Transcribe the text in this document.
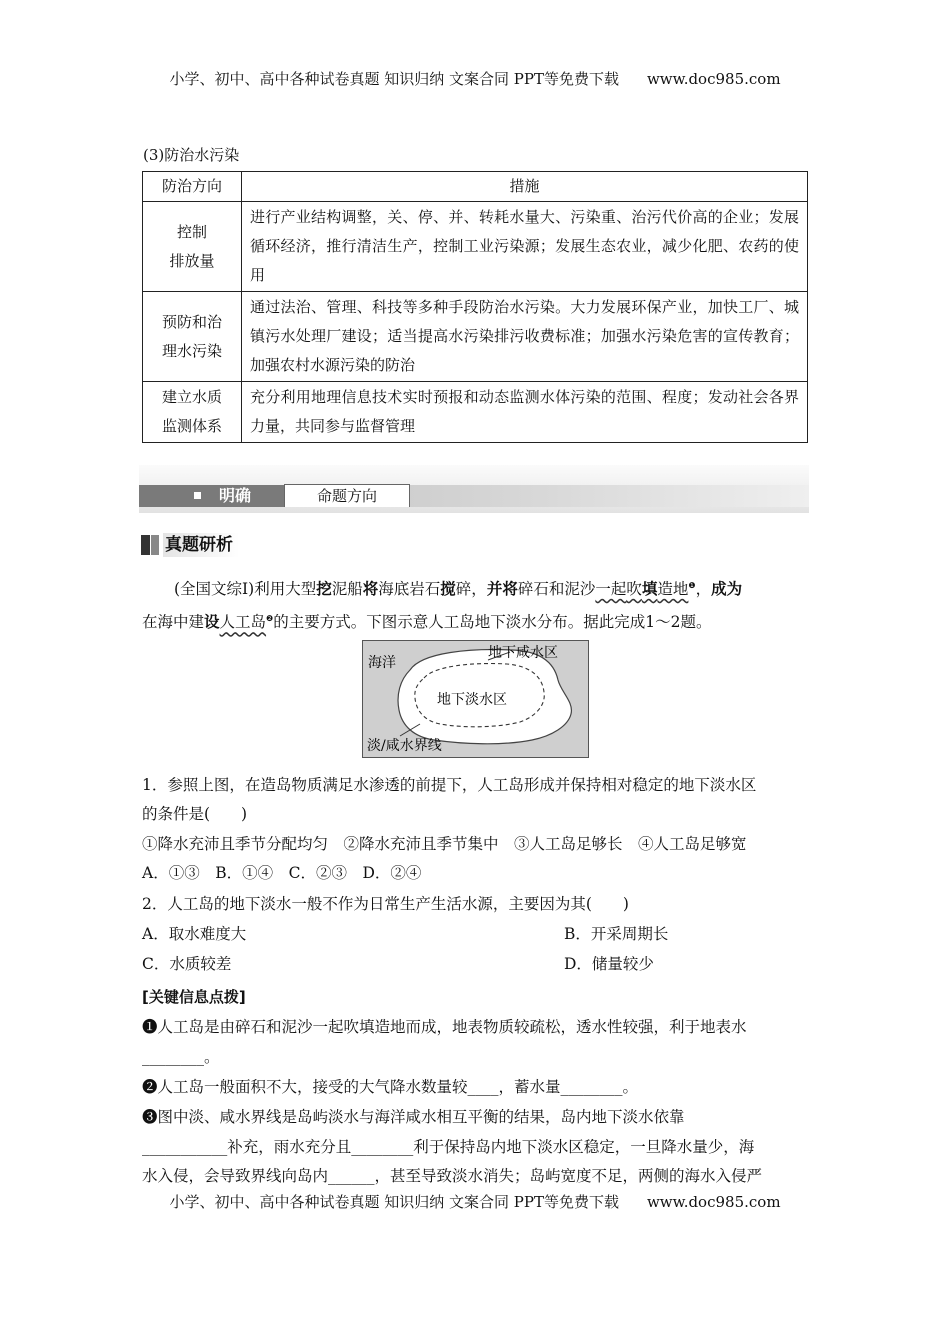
小学、初中、高中各种试卷真题 知识归纳 文案合同 PPT等免费下载 www.doc985.com
(3)防治水污染
防治方向	措施

控制
排放量	进行产业结构调整，关、停、并、转耗水量大、污染重、治污代价高的企业；发展循环经济，推行清洁生产，控制工业污染源；发展生态农业，减少化肥、农药的使用

预防和治
理水污染	通过法治、管理、科技等多种手段防治水污染。大力发展环保产业，加快工厂、城镇污水处理厂建设；适当提高水污染排污收费标准；加强水污染危害的宣传教育；加强农村水源污染的防治

建立水质
监测体系	充分利用地理信息技术实时预报和动态监测水体污染的范围、程度；发动社会各界力量，共同参与监督管理
明确	命题方向
真题研析
(全国文综Ⅰ)利用大型挖泥船将海底岩石搅碎，并将碎石和泥沙一起吹填造地$^❶$，成为
在海中建设人工岛$^❷$的主要方式。下图示意人工岛地下淡水分布。据此完成1～2题。
海洋
地下咸水区
地下淡水区
淡/咸水界线
1．参照上图，在造岛物质满足水渗透的前提下，人工岛形成并保持相对稳定的地下淡水区
的条件是(　　)
①降水充沛且季节分配均匀　②降水充沛且季节集中　③人工岛足够长　④人工岛足够宽
A．①③　B．①④　C．②③　D．②④
2．人工岛的地下淡水一般不作为日常生产生活水源，主要因为其(　　)
A．取水难度大	B．开采周期长
C．水质较差	D．储量较少
[关键信息点拨]
❶人工岛是由碎石和泥沙一起吹填造地而成，地表物质较疏松，透水性较强，利于地表水
________。
❷人工岛一般面积不大，接受的大气降水数量较____，蓄水量________。
❸图中淡、咸水界线是岛屿淡水与海洋咸水相互平衡的结果，岛内地下淡水依靠
___________补充，雨水充分且________利于保持岛内地下淡水区稳定，一旦降水量少，海
水入侵，会导致界线向岛内______，甚至导致淡水消失；岛屿宽度不足，两侧的海水入侵严
小学、初中、高中各种试卷真题 知识归纳 文案合同 PPT等免费下载 www.doc985.com
